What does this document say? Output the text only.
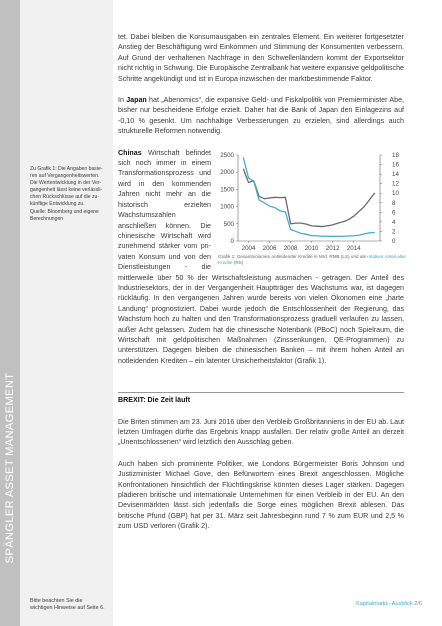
SPÄNGLER ASSET MANAGEMENT

Zu Grafik 1: Die Angaben basie-

ren auf Vergangenheitswerten.

Die Wertentwicklung in der Ver-

gangenheit lässt keine verlässli-

chen Rückschlüsse auf die zu-

künftige Entwicklung zu.

Quelle: Bloomberg und eigene

Berechnungen

Bitte beachten Sie die
wichtigen Hinweise auf Seite 6.

tet. Dabei bleiben die Konsumausgaben ein zentrales Element. Ein weiterer fortgesetzter Anstieg der Beschäftigung wird Einkommen und Stimmung der Konsumenten verbessern. Auf Grund der verhaltenen Nachfrage in den Schwellenländern kommt der Exportsektor nicht richtig in Schwung. Die Europäische Zentralbank hat weitere expansive geldpolitische Schritte angekündigt und ist in Europa inzwischen der marktbestimmende Faktor.

In Japan hat „Abenomics“, die expansive Geld- und Fiskalpolitik von Premierminister Abe, bisher nur bescheidene Erfolge erzielt. Daher hat die Bank of Japan den Einlagezins auf -0,10 % gesenkt. Um nachhaltige Verbesserungen zu erzielen, sind allerdings auch strukturelle Reformen notwendig.

0
500
1000
1500
2000
2500
0
2
4
6
8
10
12
14
16
18
2004 2006 2008 2010 2012 2014
Grafik 1: Gesamtvolumen notleidender Kredite in Mrd. RMB (LS) und als relativer Anteil aller Kredite (RS)
Chinas Wirtschaft befindet sich noch immer in einem Transformationsprozess und wird in den kommenden Jahren nicht mehr an die historisch erzielten Wachstumszahlen anschließen können. Die chinesische Wirtschaft wird zunehmend stärker vom privaten Konsum und von den Dienstleistungen - die mittlerweile über 50 % der Wirtschaftsleistung ausmachen - getragen. Der Anteil des Industriesektors, der in der Vergangenheit Hauptträger des Wachstums war, ist dagegen rückläufig. In den vergangenen Jahren wurde bereits von vielen Ökonomen eine „harte Landung“ prognostiziert. Dabei wurde jedoch die Entschlossenheit der Regierung, das Wachstum hoch zu halten und den Transformationsprozess graduell verlaufen zu lassen, außer Acht gelassen. Zudem hat die chinesische Notenbank (PBoC) noch Spielraum, die Wirtschaft mit geldpolitischen Maßnahmen (Zinssenkungen, QE-Programmen) zu unterstützen. Dagegen bleiben die chinesischen Banken – mit ihrem hohen Anteil an notleidenden Krediten – ein latenter Unsicherheitsfaktor (Grafik 1).

BREXIT: Die Zeit läuft

Die Briten stimmen am 23. Juni 2016 über den Verbleib Großbritanniens in der EU ab. Laut letzten Umfragen dürfte das Ergebnis knapp ausfallen. Der relativ große Anteil an derzeit „Unentschlossenen“ wird letztlich den Ausschlag geben.

Auch haben sich prominente Politiker, wie Londons Bürgermeister Boris Johnson und Justizminister Michael Gove, den Befürwortern eines Brexit angeschlossen. Mögliche Konfrontationen hinsichtlich der Flüchtlingskrise könnten dieses Lager stärken. Dagegen plädieren britische und internationale Unternehmen für einen Verbleib in der EU. An den Devisenmärkten lässt sich jedenfalls die Sorge eines möglichen Brexit ablesen. Das britische Pfund (GBP) hat per 31. März seit Jahresbeginn rund 7 % zum EUR und 2,5 % zum USD verloren (Grafik 2).

Kapitalmarkt - Ausblick 2/6
